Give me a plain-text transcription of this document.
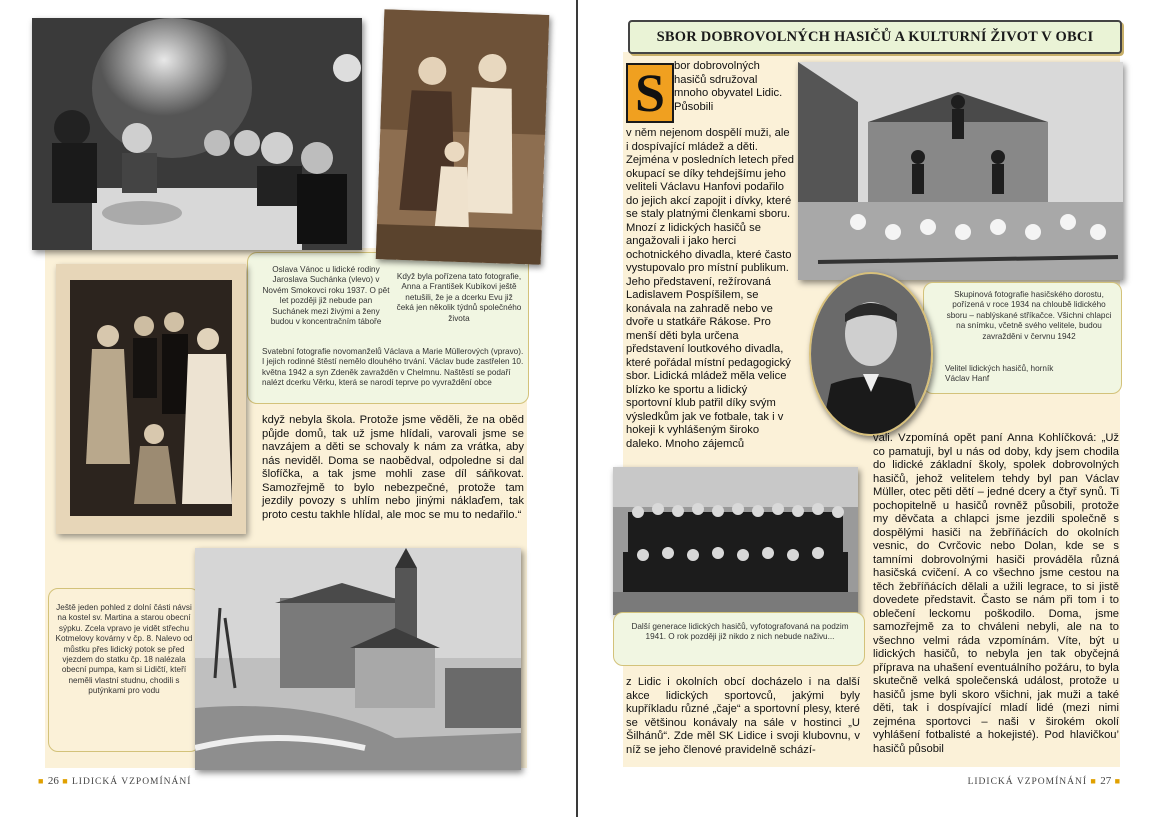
Oslava Vánoc u lidické rodiny Jaroslava Suchánka (vlevo) v Novém Smokovci roku 1937. O pět let později již nebude pan Suchánek mezi živými a ženy budou v koncentračním táboře
Když byla pořízena tato fotografie, Anna a František Kubíkovi ještě netušili, že je a dcerku Evu již čeká jen několik týdnů společného života
Svatební fotografie novomanželů Václava a Marie Müllerových (vpravo). I jejich rodinné štěstí nemělo dlouhého trvání. Václav bude zastřelen 10. května 1942 a syn Zdeněk zavražděn v Chelmnu. Naštěstí se podaří nalézt dcerku Věrku, která se narodí teprve po vyvraždění obce
když nebyla škola. Protože jsme věděli, že na oběd půjde domů, tak už jsme hlídali, varovali jsme se navzájem a děti se schovaly k nám za vrátka, aby nás neviděl. Doma se naobědval, odpoledne si dal šlofíčka, a tak jsme mohli zase díl sáňkovat. Samozřejmě to bylo nebezpečné, protože tam jezdily povozy s uhlím nebo jinými náklaďem, tak proto cestu takhle hlídal, ale moc se mu to nedařilo.“
Ještě jeden pohled z dolní části návsi na kostel sv. Martina a starou obecní sýpku. Zcela vpravo je vidět střechu Kotmelovy kovárny v čp. 8. Nalevo od můstku přes lidický potok se před vjezdem do statku čp. 18 nalézala obecní pumpa, kam si Lidičtí, kteří neměli vlastní studnu, chodili s putýnkami pro vodu
■ 26 ■ LIDICKÁ VZPOMÍNÁNÍ
SBOR DOBROVOLNÝCH HASIČŮ A KULTURNÍ ŽIVOT V OBCI
S bor dobrovolných hasičů sdružoval mnoho obyvatel Lidic. Působili
v něm nejenom dospělí muži, ale i dospívající mládež a děti. Zejména v posledních letech před okupací se díky tehdejšímu jeho veliteli Václavu Hanfovi podařilo do jejich akcí zapojit i dívky, které se staly platnými členkami sboru. Mnozí z lidických hasičů se angažovali i jako herci ochotnického divadla, které často vystupovalo pro místní publikum. Jeho představení, režírovaná Ladislavem Pospíšilem, se konávala na zahradě nebo ve dvoře u statkáře Rákose. Pro menší děti byla určena představení loutkového divadla, které pořádal místní pedagogický sbor. Lidická mládež měla velice blízko ke sportu a lidický sportovní klub patřil díky svým výsledkům jak ve fotbale, tak i v hokeji k vyhlášeným široko daleko. Mnoho zájemců
Skupinová fotografie hasičského dorostu, pořízená v roce 1934 na chloubě lidického sboru – nablýskané stříkačce. Všichni chlapci na snímku, včetně svého velitele, budou zavražděni v červnu 1942
Velitel lidických hasičů, horník Václav Hanf
vali. Vzpomíná opět paní Anna Kohlíčková: „Už co pamatuji, byl u nás od doby, kdy jsem chodila do lidické základní školy, spolek dobrovolných hasičů, jehož velitelem tehdy byl pan Václav Müller, otec pěti dětí – jedné dcery a čtyř synů. Ti pochopitelně u hasičů rovněž působili, protože my děvčata a chlapci jsme jezdili společně s dospělými hasiči na žebříňácích do okolních vesnic, do Cvrčovic nebo Dolan, kde se s tamními dobrovolnými hasiči prováděla různá hasičská cvičení. A co všechno jsme cestou na těch žebříňácích dělali a užili legrace, to si jistě dovedete představit. Často se nám při tom i to oblečení leckomu poškodilo. Doma, jsme samozřejmě za to chváleni nebyli, ale na to všechno velmi ráda vzpomínám. Víte, být u lidických hasičů, to nebyla jen tak obyčejná příprava na uhašení eventuálního požáru, to byla skutečně velká společenská událost, protože u hasičů jsme byli skoro všichni, jak muži a také děti, tak i dospívající mladí lidé (mezi nimi zejména sportovci – naši v širokém okolí vyhlášení fotbalisté a hokejisté). Pod hlavičkou’ hasičů působil
Další generace lidických hasičů, vyfotografovaná na podzim 1941. O rok později již nikdo z nich nebude naživu...
z Lidic i okolních obcí docházelo i na další akce lidických sportovců, jakými byly kupříkladu různé „čaje“ a sportovní plesy, které se většinou konávaly na sále v hostinci „U Šilhánů“. Zde měl SK Lidice i svoji klubovnu, v níž se jeho členové pravidelně schází-
LIDICKÁ VZPOMÍNÁNÍ ■ 27 ■
